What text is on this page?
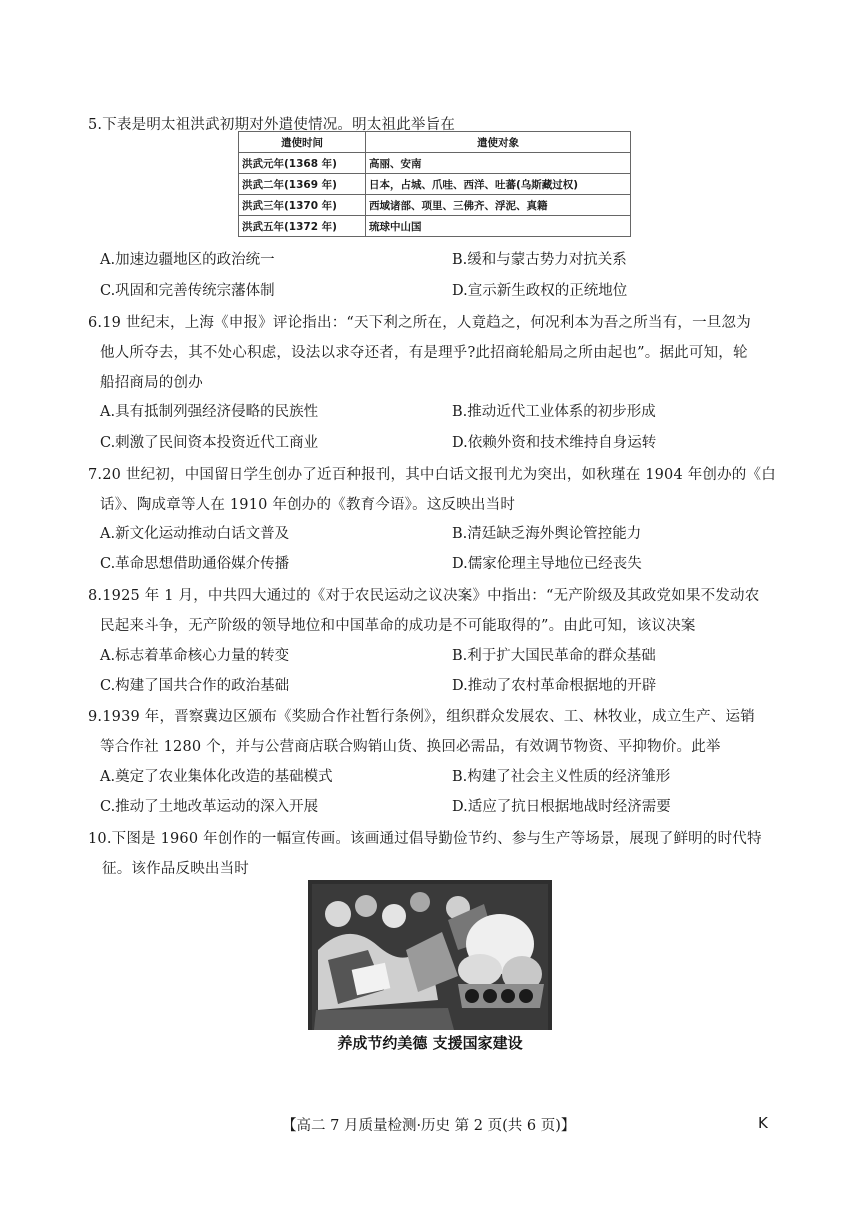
5.下表是明太祖洪武初期对外遣使情况。明太祖此举旨在
遣使时间	遣使对象
洪武元年(1368 年)	高丽、安南
洪武二年(1369 年)	日本，占城、爪哇、西洋、吐蕃(乌斯藏过权)
洪武三年(1370 年)	西域诸部、项里、三佛齐、浮泥、真籍
洪武五年(1372 年)	琉球中山国
A.加速边疆地区的政治统一	B.缓和与蒙古势力对抗关系
C.巩固和完善传统宗藩体制	D.宣示新生政权的正统地位
6.19 世纪末，上海《申报》评论指出：“天下利之所在，人竟趋之，何况利本为吾之所当有，一旦忽为
他人所夺去，其不处心积虑，设法以求夺还者，有是理乎?此招商轮船局之所由起也”。据此可知，轮
船招商局的创办
A.具有抵制列强经济侵略的民族性	B.推动近代工业体系的初步形成
C.刺激了民间资本投资近代工商业	D.依赖外资和技术维持自身运转
7.20 世纪初，中国留日学生创办了近百种报刊，其中白话文报刊尤为突出，如秋瑾在 1904 年创办的《白
话》、陶成章等人在 1910 年创办的《教育今语》。这反映出当时
A.新文化运动推动白话文普及	B.清廷缺乏海外舆论管控能力
C.革命思想借助通俗媒介传播	D.儒家伦理主导地位已经丧失
8.1925 年 1 月，中共四大通过的《对于农民运动之议决案》中指出：“无产阶级及其政党如果不发动农
民起来斗争，无产阶级的领导地位和中国革命的成功是不可能取得的”。由此可知，该议决案
A.标志着革命核心力量的转变	B.利于扩大国民革命的群众基础
C.构建了国共合作的政治基础	D.推动了农村革命根据地的开辟
9.1939 年，晋察冀边区颁布《奖励合作社暂行条例》，组织群众发展农、工、林牧业，成立生产、运销
等合作社 1280 个，并与公营商店联合购销山货、换回必需品，有效调节物资、平抑物价。此举
A.奠定了农业集体化改造的基础模式	B.构建了社会主义性质的经济雏形
C.推动了土地改革运动的深入开展	D.适应了抗日根据地战时经济需要
10.下图是 1960 年创作的一幅宣传画。该画通过倡导勤俭节约、参与生产等场景，展现了鲜明的时代特
征。该作品反映出当时
养成节约美德 支援国家建设
【高二 7 月质量检测·历史 第 2 页(共 6 页)】	K
